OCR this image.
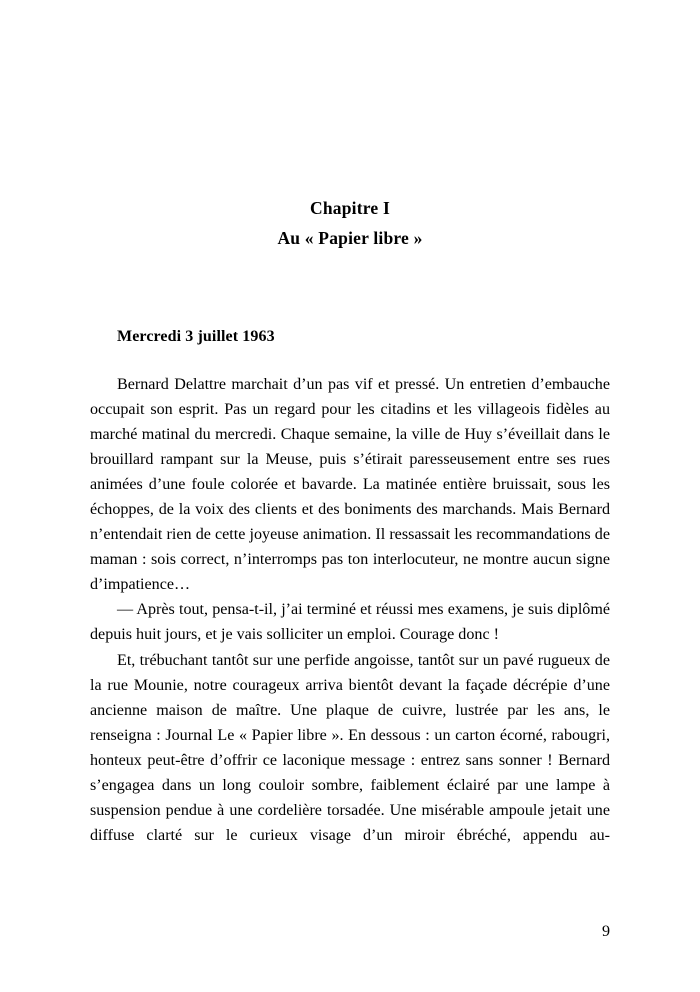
Chapitre I
Au « Papier libre »
Mercredi 3 juillet 1963

Bernard Delattre marchait d’un pas vif et pressé. Un entretien d’embauche occupait son esprit. Pas un regard pour les citadins et les villageois fidèles au marché matinal du mercredi. Chaque semaine, la ville de Huy s’éveillait dans le brouillard rampant sur la Meuse, puis s’étirait paresseusement entre ses rues animées d’une foule colorée et bavarde. La matinée entière bruissait, sous les échoppes, de la voix des clients et des boniments des marchands. Mais Bernard n’entendait rien de cette joyeuse animation. Il ressassait les recommandations de maman : sois correct, n’interromps pas ton interlocuteur, ne montre aucun signe d’impatience…

— Après tout, pensa-t-il, j’ai terminé et réussi mes examens, je suis diplômé depuis huit jours, et je vais solliciter un emploi. Courage donc !

Et, trébuchant tantôt sur une perfide angoisse, tantôt sur un pavé rugueux de la rue Mounie, notre courageux arriva bientôt devant la façade décrépie d’une ancienne maison de maître. Une plaque de cuivre, lustrée par les ans, le renseigna : Journal Le « Papier libre ». En dessous : un carton écorné, rabougri, honteux peut-être d’offrir ce laconique message : entrez sans sonner ! Bernard s’engagea dans un long couloir sombre, faiblement éclairé par une lampe à suspension pendue à une cordelière torsadée. Une misérable ampoule jetait une diffuse clarté sur le curieux visage d’un miroir ébréché, appendu au-

9
